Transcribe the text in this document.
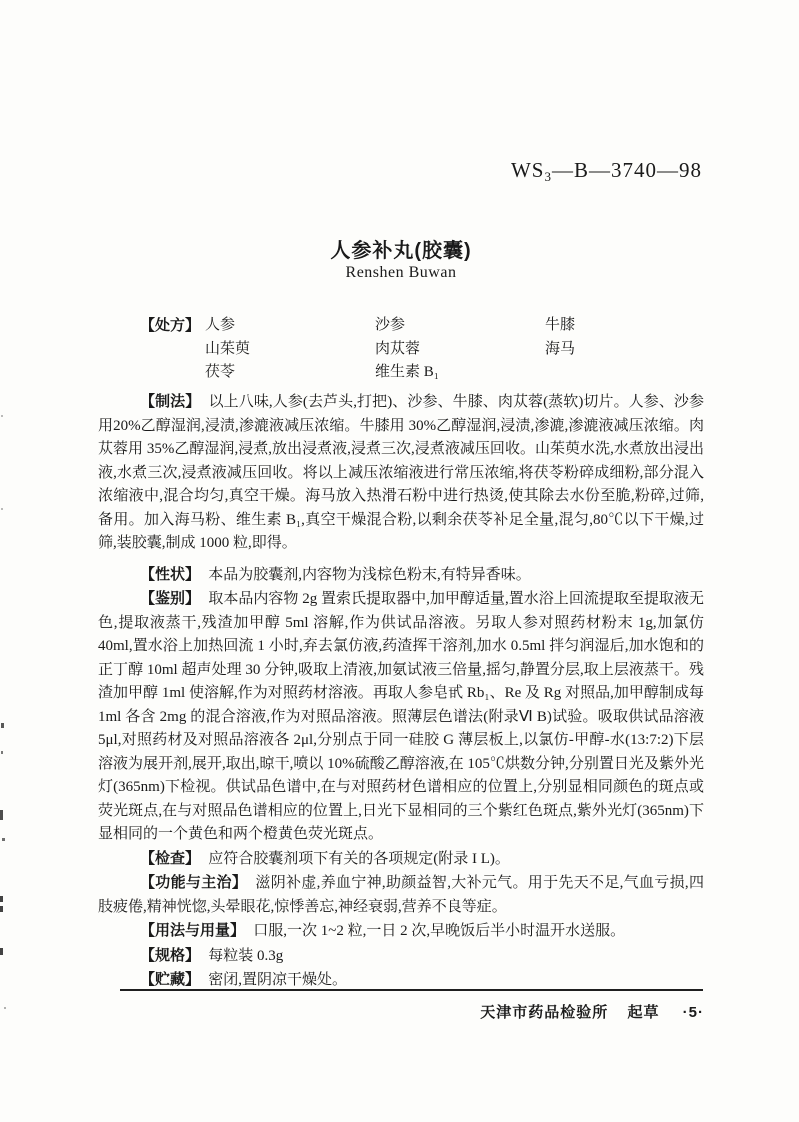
$WS_3—B—3740—98$
人参补丸(胶囊)
Renshen Buwan
【处方】 人参	沙参	牛膝
山茱萸	肉苁蓉	海马
茯苓	维生素 B₁

【制法】 以上八味,人参(去芦头,打把)、沙参、牛膝、肉苁蓉(蒸软)切片。人参、沙参用20%乙醇湿润,浸渍,渗漉液减压浓缩。牛膝用 30%乙醇湿润,浸渍,渗漉,渗漉液减压浓缩。肉苁蓉用 35%乙醇湿润,浸煮,放出浸煮液,浸煮三次,浸煮液减压回收。山茱萸水洗,水煮放出浸出液,水煮三次,浸煮液减压回收。将以上减压浓缩液进行常压浓缩,将茯苓粉碎成细粉,部分混入浓缩液中,混合均匀,真空干燥。海马放入热滑石粉中进行热烫,使其除去水份至脆,粉碎,过筛,备用。加入海马粉、维生素 B₁,真空干燥混合粉,以剩余茯苓补足全量,混匀,80℃以下干燥,过筛,装胶囊,制成 1000 粒,即得。

【性状】 本品为胶囊剂,内容物为浅棕色粉末,有特异香味。

【鉴别】 取本品内容物 2g 置索氏提取器中,加甲醇适量,置水浴上回流提取至提取液无色,提取液蒸干,残渣加甲醇 5ml 溶解,作为供试品溶液。另取人参对照药材粉末 1g,加氯仿 40ml,置水浴上加热回流 1 小时,弃去氯仿液,药渣挥干溶剂,加水 0.5ml 拌匀润湿后,加水饱和的正丁醇 10ml 超声处理 30 分钟,吸取上清液,加氨试液三倍量,摇匀,静置分层,取上层液蒸干。残渣加甲醇 1ml 使溶解,作为对照药材溶液。再取人参皂甙 Rb₁、Re 及 Rg 对照品,加甲醇制成每 1ml 各含 2mg 的混合溶液,作为对照品溶液。照薄层色谱法(附录Ⅵ B)试验。吸取供试品溶液 5μl,对照药材及对照品溶液各 2μl,分别点于同一硅胶 G 薄层板上,以氯仿-甲醇-水(13:7:2)下层溶液为展开剂,展开,取出,晾干,喷以 10%硫酸乙醇溶液,在 105℃烘数分钟,分别置日光及紫外光灯(365nm)下检视。供试品色谱中,在与对照药材色谱相应的位置上,分别显相同颜色的斑点或荧光斑点,在与对照品色谱相应的位置上,日光下显相同的三个紫红色斑点,紫外光灯(365nm)下显相同的一个黄色和两个橙黄色荧光斑点。

【检查】 应符合胶囊剂项下有关的各项规定(附录 I L)。

【功能与主治】 滋阴补虚,养血宁神,助颜益智,大补元气。用于先天不足,气血亏损,四肢疲倦,精神恍惚,头晕眼花,惊悸善忘,神经衰弱,营养不良等症。

【用法与用量】 口服,一次 1~2 粒,一日 2 次,早晚饭后半小时温开水送服。

【规格】 每粒装 0.3g

【贮藏】 密闭,置阴凉干燥处。

天津市药品检验所 起草 ·5·
